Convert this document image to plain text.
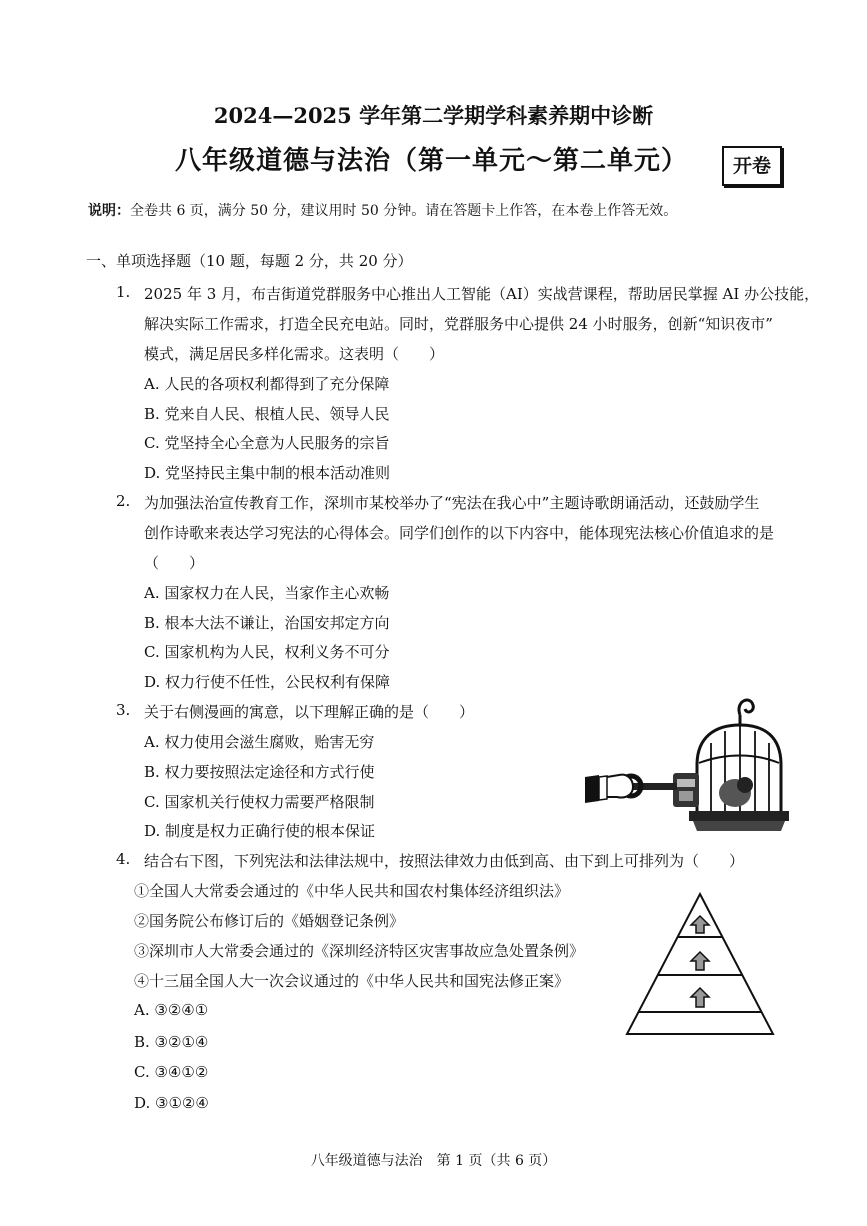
2024—2025 学年第二学期学科素养期中诊断
八年级道德与法治（第一单元～第二单元）	开卷
说明：全卷共 6 页，满分 50 分，建议用时 50 分钟。请在答题卡上作答，在本卷上作答无效。
一、单项选择题（10 题，每题 2 分，共 20 分）
1. 2025 年 3 月，布吉街道党群服务中心推出人工智能（AI）实战营课程，帮助居民掌握 AI 办公技能，
解决实际工作需求，打造全民充电站。同时，党群服务中心提供 24 小时服务，创新“知识夜市”
模式，满足居民多样化需求。这表明（　　）
A. 人民的各项权利都得到了充分保障
B. 党来自人民、根植人民、领导人民
C. 党坚持全心全意为人民服务的宗旨
D. 党坚持民主集中制的根本活动准则
2. 为加强法治宣传教育工作，深圳市某校举办了“宪法在我心中”主题诗歌朗诵活动，还鼓励学生
创作诗歌来表达学习宪法的心得体会。同学们创作的以下内容中，能体现宪法核心价值追求的是
（　　）
A. 国家权力在人民，当家作主心欢畅
B. 根本大法不谦让，治国安邦定方向
C. 国家机构为人民，权利义务不可分
D. 权力行使不任性，公民权利有保障
3. 关于右侧漫画的寓意，以下理解正确的是（　　）
A. 权力使用会滋生腐败，贻害无穷
B. 权力要按照法定途径和方式行使
C. 国家机关行使权力需要严格限制
D. 制度是权力正确行使的根本保证
4. 结合右下图，下列宪法和法律法规中，按照法律效力由低到高、由下到上可排列为（　　）
①全国人大常委会通过的《中华人民共和国农村集体经济组织法》
②国务院公布修订后的《婚姻登记条例》
③深圳市人大常委会通过的《深圳经济特区灾害事故应急处置条例》
④十三届全国人大一次会议通过的《中华人民共和国宪法修正案》
A. ③②④①
B. ③②①④
C. ③④①②
D. ③①②④
八年级道德与法治　第 1 页（共 6 页）
